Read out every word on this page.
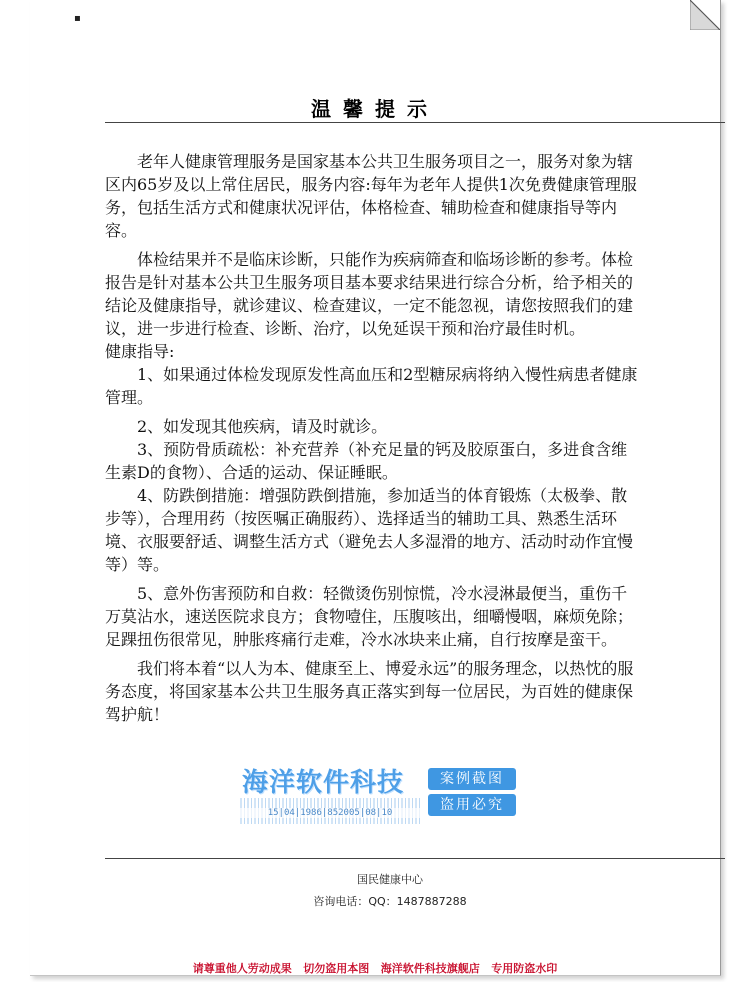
▪
温馨提示

老年人健康管理服务是国家基本公共卫生服务项目之一，服务对象为辖区内65岁及以上常住居民，服务内容:每年为老年人提供1次免费健康管理服务，包括生活方式和健康状况评估，体格检查、辅助检查和健康指导等内容。

体检结果并不是临床诊断，只能作为疾病筛查和临场诊断的参考。体检报告是针对基本公共卫生服务项目基本要求结果进行综合分析，给予相关的结论及健康指导，就诊建议、检查建议，一定不能忽视，请您按照我们的建议，进一步进行检查、诊断、治疗，以免延误干预和治疗最佳时机。

健康指导:

1、如果通过体检发现原发性高血压和2型糖尿病将纳入慢性病患者健康管理。

2、如发现其他疾病，请及时就诊。

3、预防骨质疏松：补充营养（补充足量的钙及胶原蛋白，多进食含维生素D的食物）、合适的运动、保证睡眠。

4、防跌倒措施：增强防跌倒措施，参加适当的体育锻炼（太极拳、散步等），合理用药（按医嘱正确服药）、选择适当的辅助工具、熟悉生活环境、衣服要舒适、调整生活方式（避免去人多湿滑的地方、活动时动作宜慢等）等。

5、意外伤害预防和自救：轻微烫伤别惊慌，冷水浸淋最便当，重伤千万莫沾水，速送医院求良方；食物噎住，压腹咳出，细嚼慢咽，麻烦免除；足踝扭伤很常见，肿胀疼痛行走难，冷水冰块来止痛，自行按摩是蛮干。

我们将本着“以人为本、健康至上、博爱永远”的服务理念，以热忱的服务态度，将国家基本公共卫生服务真正落实到每一位居民，为百姓的健康保驾护航！

国民健康中心
咨询电话：QQ：1487887288
海洋软件科技
15|04|1986|852005|08|10
案例截图
盗用必究
请尊重他人劳动成果   切勿盗用本图   海洋软件科技旗舰店   专用防盗水印
